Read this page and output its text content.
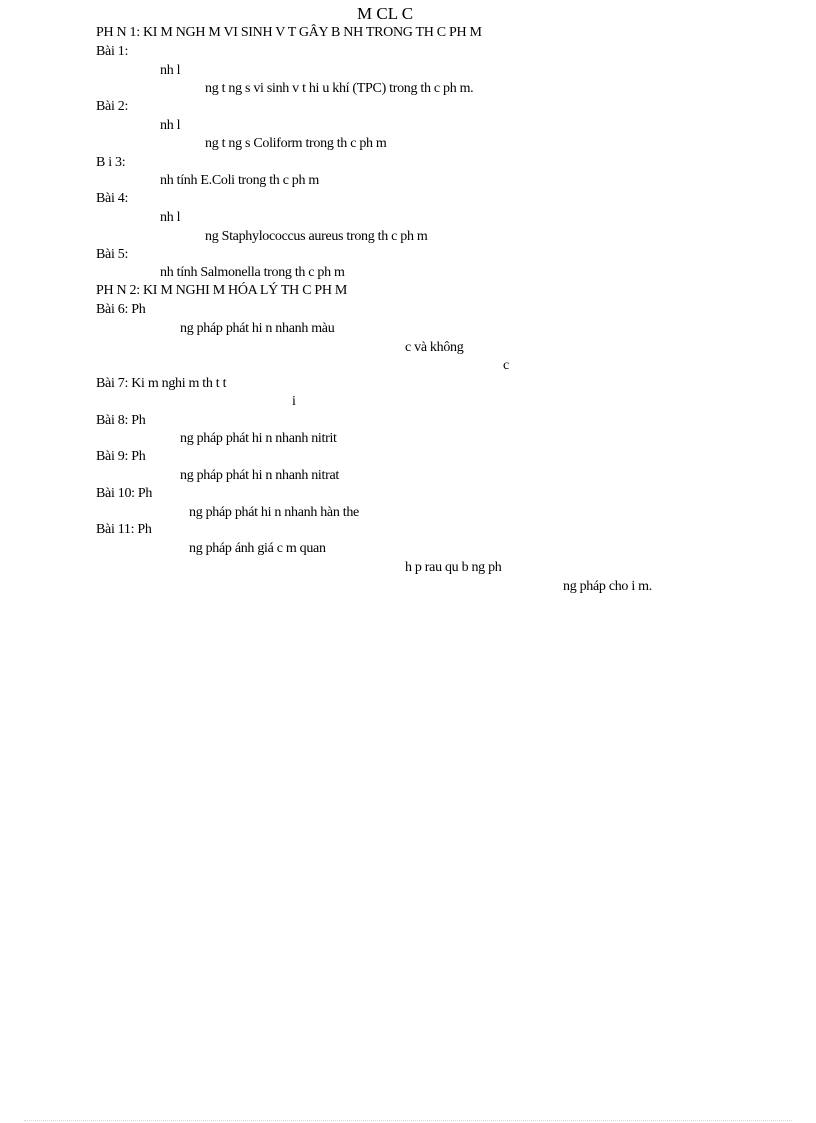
M CL C
PH N 1: KI M NGH M VI SINH V T GÂY B NH TRONG TH C PH M
Bài 1:
nh l
ng t ng s vi sinh v t hi u khí (TPC) trong th c ph m.
Bài 2:
nh l
ng t ng s Coliform trong th c ph m
B i 3:
nh tính E.Coli trong th c ph m
Bài 4:
nh l
ng Staphylococcus aureus trong th c ph m
Bài 5:
nh tính Salmonella trong th c ph m
PH N 2: KI M NGHI M HÓA LÝ TH C PH M
Bài 6: Ph
ng pháp phát hi n nhanh màu
c và không
c
Bài 7: Ki m nghi m th t t
i
Bài 8: Ph
ng pháp phát hi n nhanh nitrit
Bài 9: Ph
ng pháp phát hi n nhanh nitrat
Bài 10: Ph
ng pháp phát hi n nhanh hàn the
Bài 11: Ph
ng pháp ánh giá c m quan
h p rau qu b ng ph
ng pháp cho i m.
